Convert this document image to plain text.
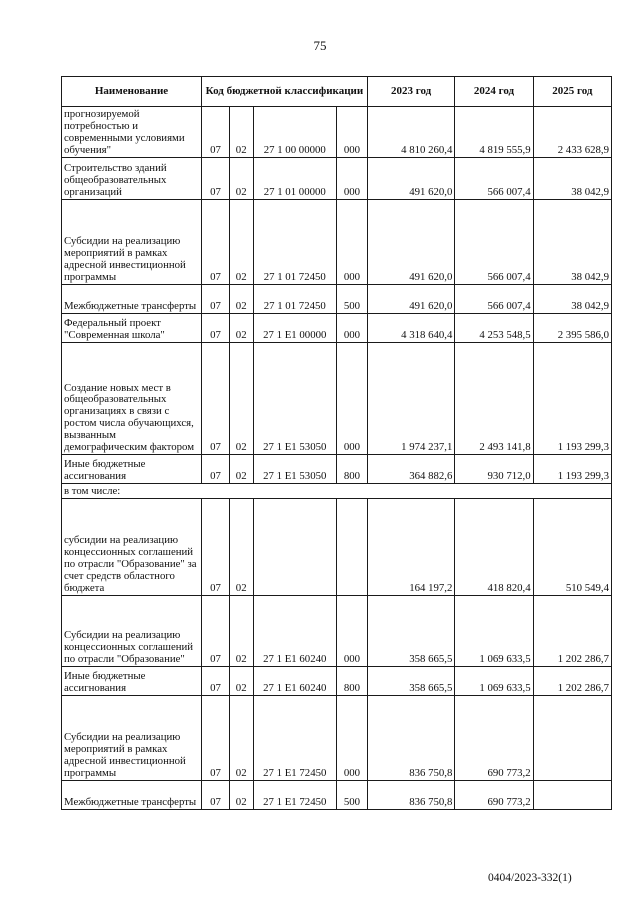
75
Наименование	Код бюджетной классификации				2023 год	2024 год	2025 год
прогнозируемой потребностью и современными условиями обучения"	07	02	27 1 00 00000	000	4 810 260,4	4 819 555,9	2 433 628,9
Строительство зданий общеобразовательных организаций	07	02	27 1 01 00000	000	491 620,0	566 007,4	38 042,9
Субсидии на реализацию мероприятий в рамках адресной инвестиционной программы	07	02	27 1 01 72450	000	491 620,0	566 007,4	38 042,9
Межбюджетные трансферты	07	02	27 1 01 72450	500	491 620,0	566 007,4	38 042,9
Федеральный проект "Современная школа"	07	02	27 1 E1 00000	000	4 318 640,4	4 253 548,5	2 395 586,0
Создание новых мест в общеобразовательных организациях в связи с ростом числа обучающихся, вызванным демографическим фактором	07	02	27 1 E1 53050	000	1 974 237,1	2 493 141,8	1 193 299,3
Иные бюджетные ассигнования	07	02	27 1 E1 53050	800	364 882,6	930 712,0	1 193 299,3
в том числе:							
субсидии на реализацию концессионных соглашений по отрасли "Образование" за счет средств областного бюджета	07	02			164 197,2	418 820,4	510 549,4
Субсидии на реализацию концессионных соглашений по отрасли "Образование"	07	02	27 1 E1 60240	000	358 665,5	1 069 633,5	1 202 286,7
Иные бюджетные ассигнования	07	02	27 1 E1 60240	800	358 665,5	1 069 633,5	1 202 286,7
Субсидии на реализацию мероприятий в рамках адресной инвестиционной программы	07	02	27 1 E1 72450	000	836 750,8	690 773,2	
Межбюджетные трансферты	07	02	27 1 E1 72450	500	836 750,8	690 773,2	
0404/2023-332(1)
